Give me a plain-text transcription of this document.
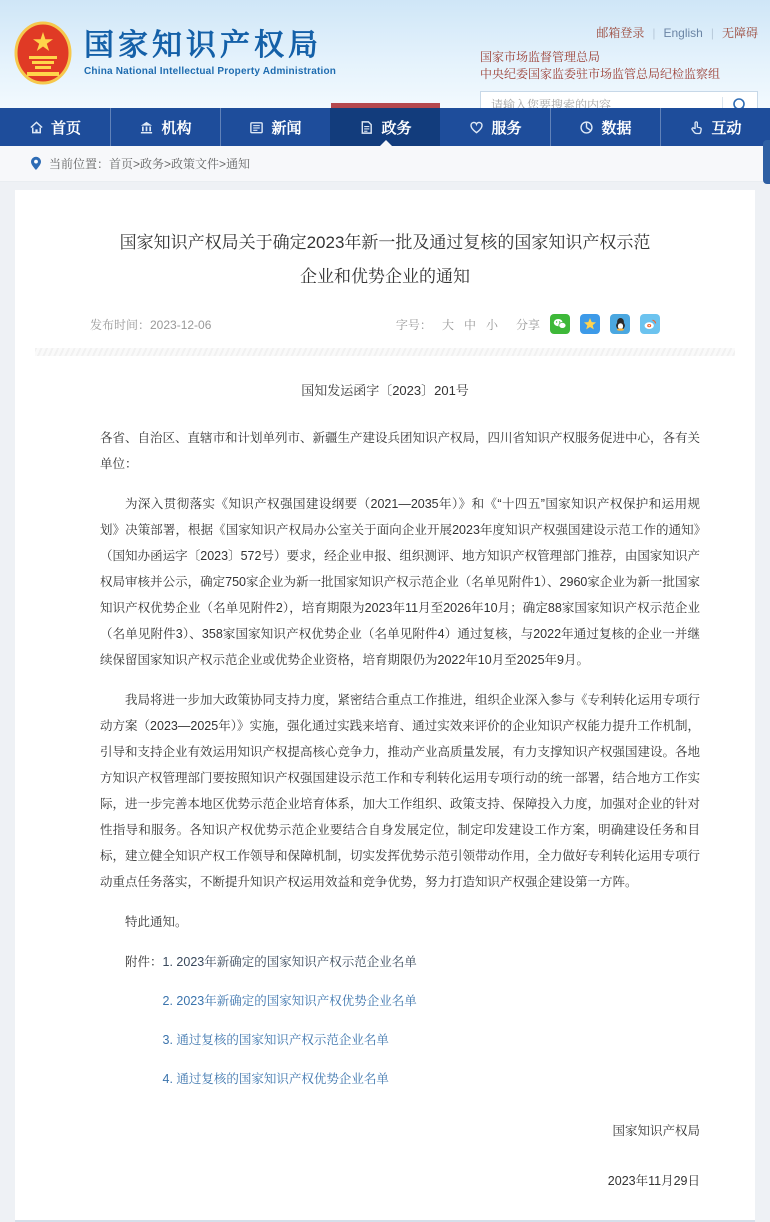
国家知识产权局
China National Intellectual Property Administration
邮箱登录 | English | 无障碍
国家市场监督管理总局
中央纪委国家监委驻市场监管总局纪检监察组
请输入您要搜索的内容
首页	机构	新闻	政务	服务	数据	互动
当前位置： 首页>政务>政策文件>通知
国家知识产权局关于确定2023年新一批及通过复核的国家知识产权示范企业和优势企业的通知
发布时间：2023-12-06	字号： 大 中 小 分享
国知发运函字〔2023〕201号

各省、自治区、直辖市和计划单列市、新疆生产建设兵团知识产权局，四川省知识产权服务促进中心，各有关单位：

为深入贯彻落实《知识产权强国建设纲要（2021—2035年）》和《“十四五”国家知识产权保护和运用规划》决策部署，根据《国家知识产权局办公室关于面向企业开展2023年度知识产权强国建设示范工作的通知》（国知办函运字〔2023〕572号）要求，经企业申报、组织测评、地方知识产权管理部门推荐，由国家知识产权局审核并公示，确定750家企业为新一批国家知识产权示范企业（名单见附件1）、2960家企业为新一批国家知识产权优势企业（名单见附件2），培育期限为2023年11月至2026年10月；确定88家国家知识产权示范企业（名单见附件3）、358家国家知识产权优势企业（名单见附件4）通过复核，与2022年通过复核的企业一并继续保留国家知识产权示范企业或优势企业资格，培育期限仍为2022年10月至2025年9月。

我局将进一步加大政策协同支持力度，紧密结合重点工作推进，组织企业深入参与《专利转化运用专项行动方案（2023—2025年）》实施，强化通过实践来培育、通过实效来评价的企业知识产权能力提升工作机制，引导和支持企业有效运用知识产权提高核心竞争力，推动产业高质量发展，有力支撑知识产权强国建设。各地方知识产权管理部门要按照知识产权强国建设示范工作和专利转化运用专项行动的统一部署，结合地方工作实际，进一步完善本地区优势示范企业培育体系，加大工作组织、政策支持、保障投入力度，加强对企业的针对性指导和服务。各知识产权优势示范企业要结合自身发展定位，制定印发建设工作方案，明确建设任务和目标，建立健全知识产权工作领导和保障机制，切实发挥优势示范引领带动作用，全力做好专利转化运用专项行动重点任务落实，不断提升知识产权运用效益和竞争优势，努力打造知识产权强企建设第一方阵。

特此通知。

附件：1. 2023年新确定的国家知识产权示范企业名单

2. 2023年新确定的国家知识产权优势企业名单

3. 通过复核的国家知识产权示范企业名单

4. 通过复核的国家知识产权优势企业名单

国家知识产权局
2023年11月29日
